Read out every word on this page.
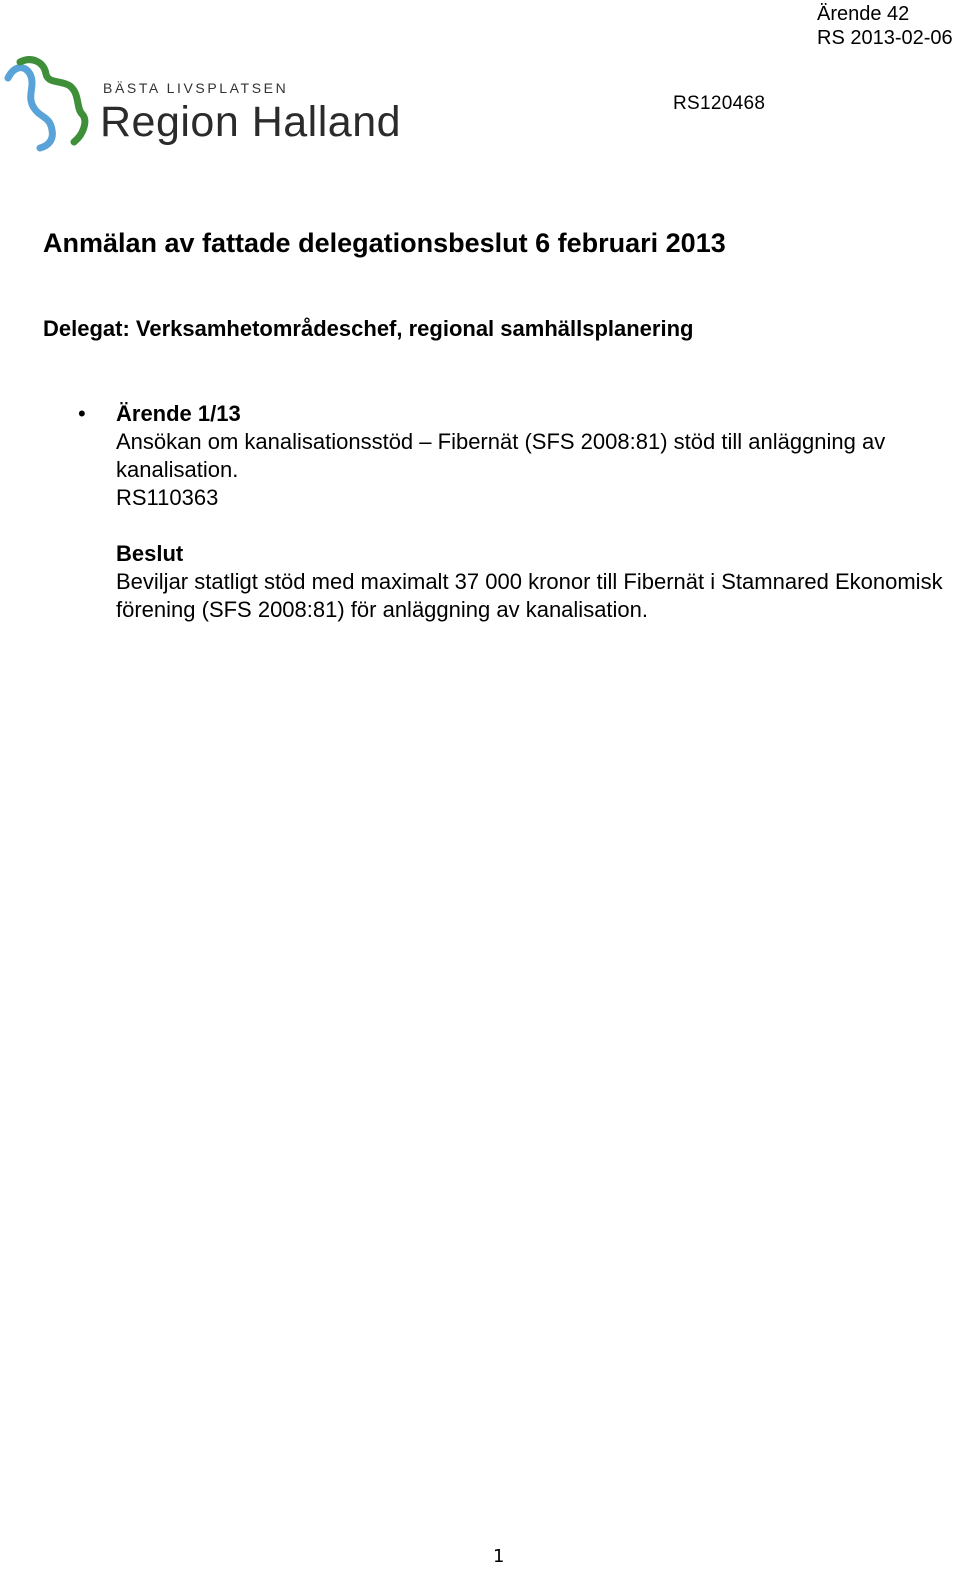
Ärende 42
RS 2013-02-06
BÄSTA LIVSPLATSEN
Region Halland	RS120468
Anmälan av fattade delegationsbeslut 6 februari 2013
Delegat: Verksamhetområdeschef, regional samhällsplanering
• Ärende 1/13
Ansökan om kanalisationsstöd – Fibernät (SFS 2008:81) stöd till anläggning av kanalisation.
RS110363
Beslut
Beviljar statligt stöd med maximalt 37 000 kronor till Fibernät i Stamnared Ekonomisk förening (SFS 2008:81) för anläggning av kanalisation.
1
